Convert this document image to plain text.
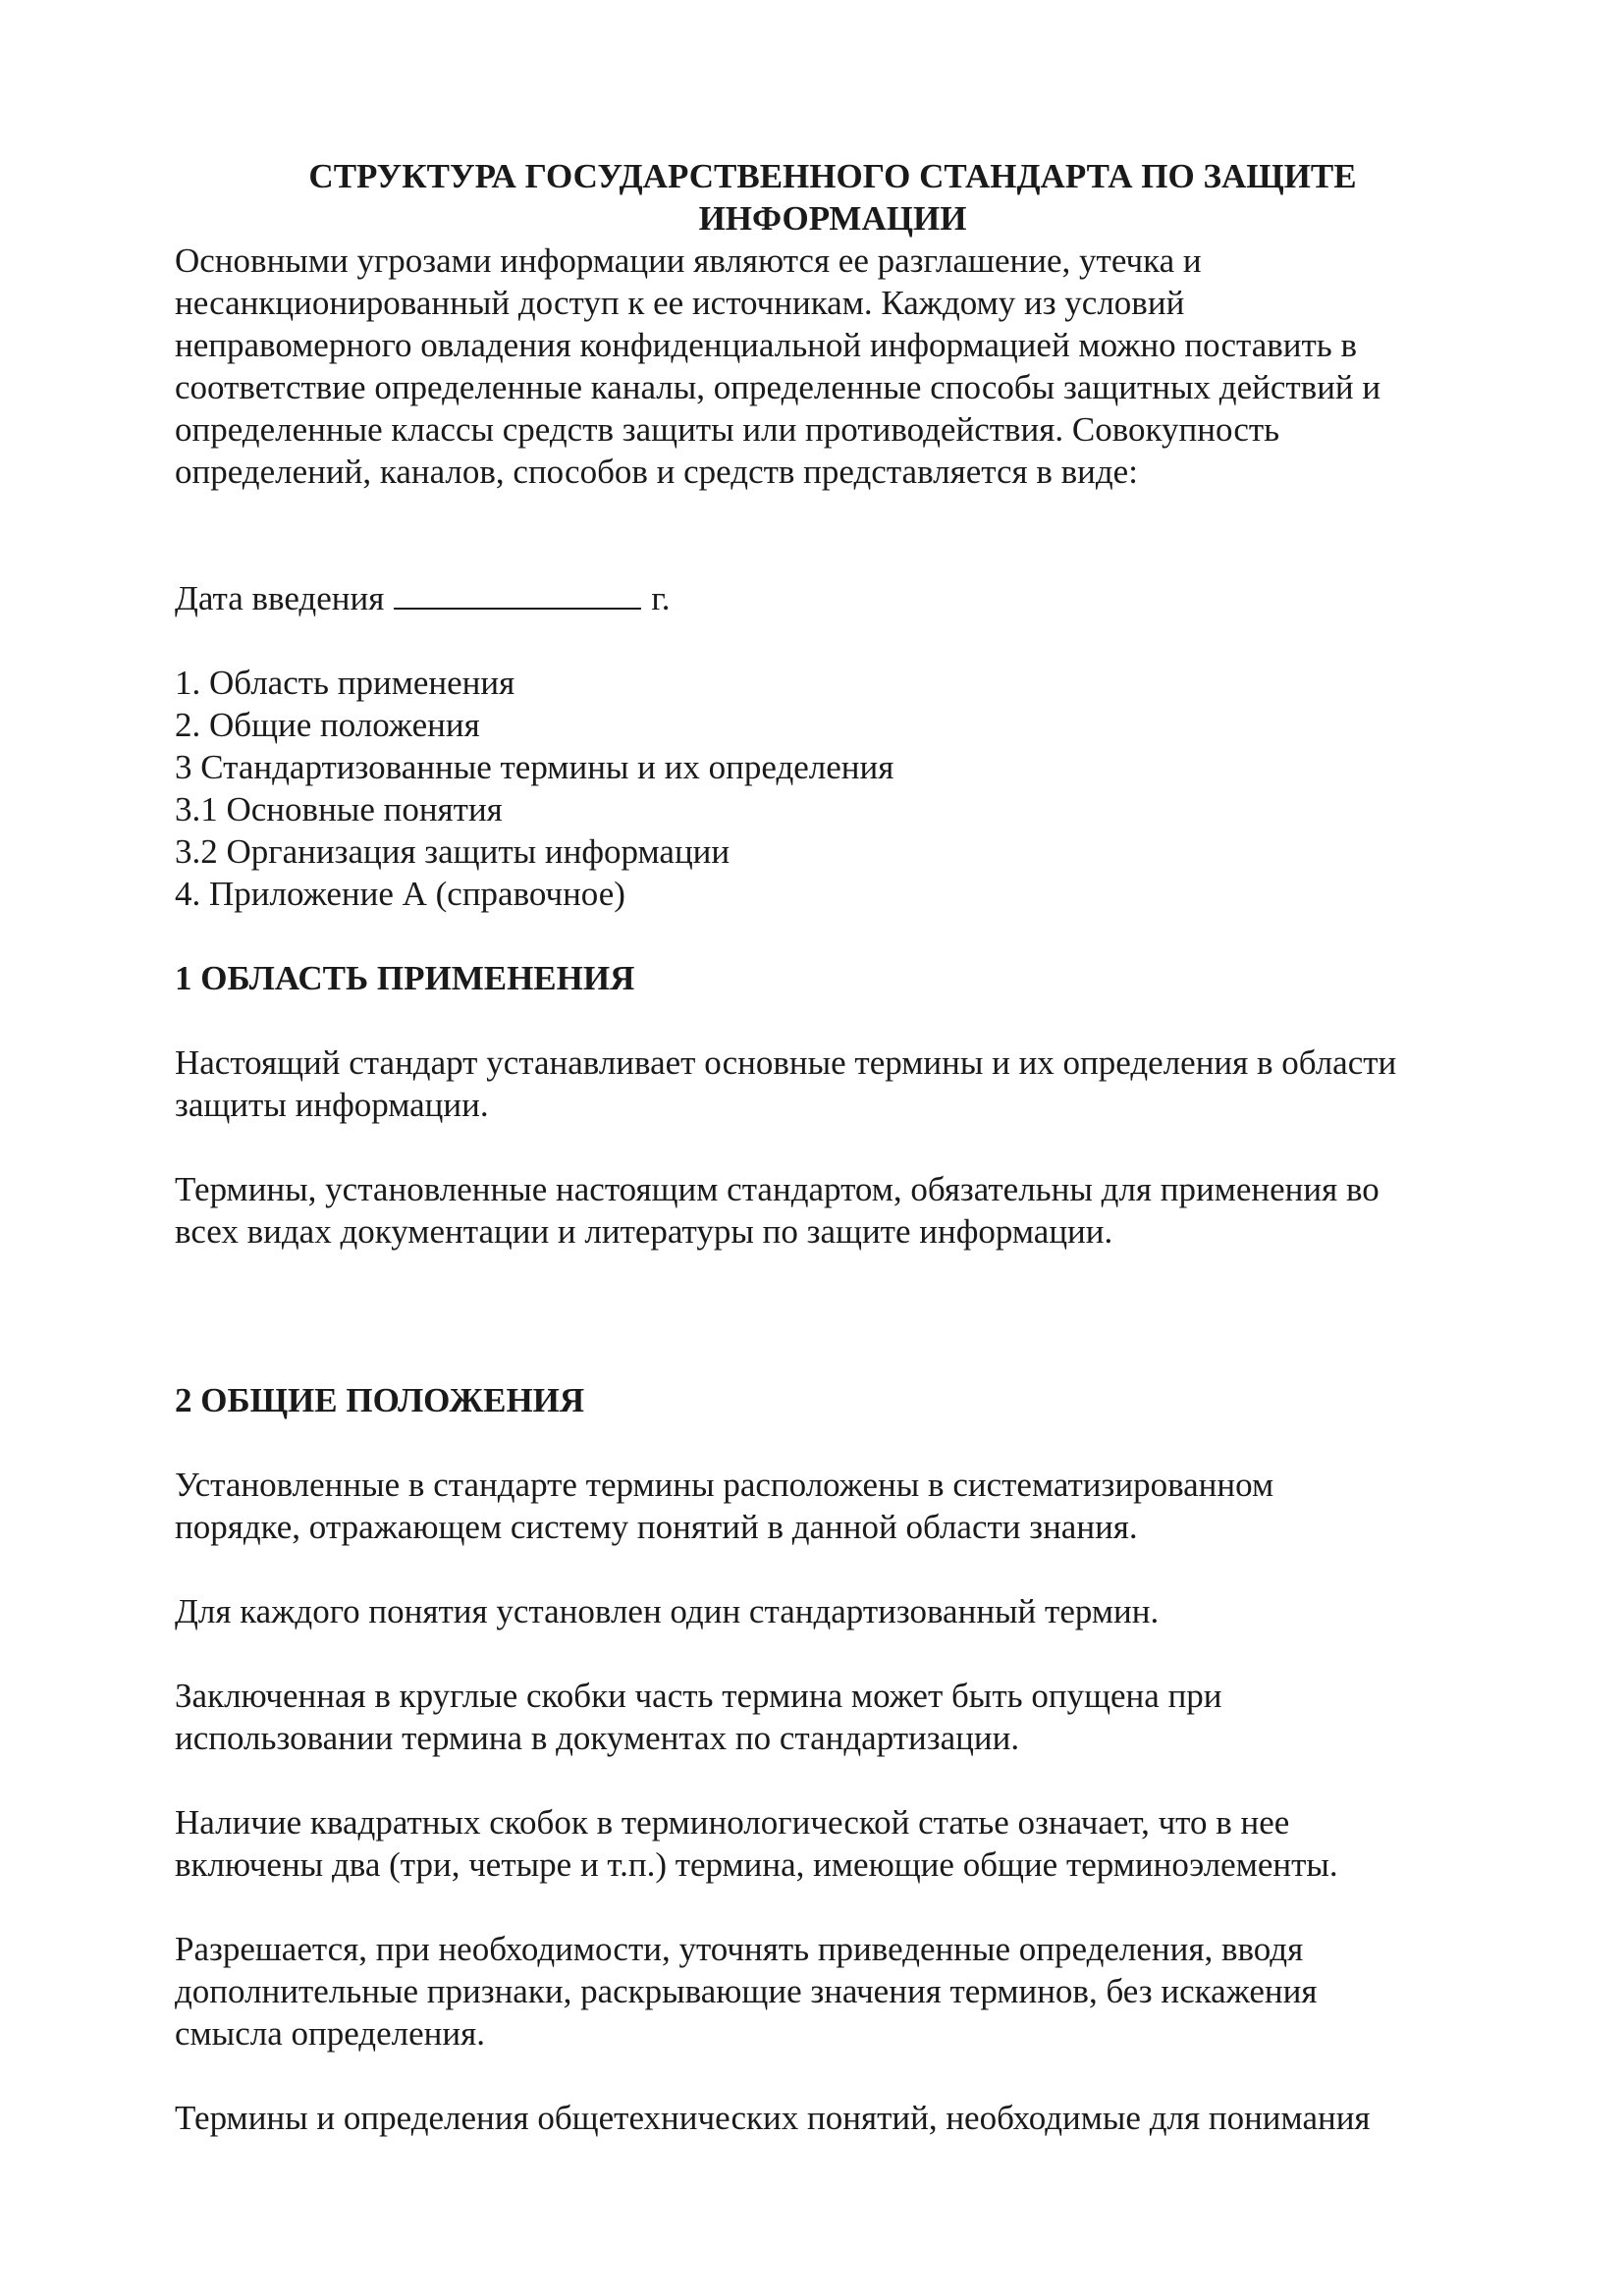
СТРУКТУРА ГОСУДАРСТВЕННОГО СТАНДАРТА ПО ЗАЩИТЕ
ИНФОРМАЦИИ

Основными угрозами информации являются ее разглашение, утечка и
несанкционированный доступ к ее источникам. Каждому из условий
неправомерного овладения конфиденциальной информацией можно поставить в
соответствие определенные каналы, определенные способы защитных действий и
определенные классы средств защиты или противодействия. Совокупность
определений, каналов, способов и средств представляется в виде:

Дата введения	г.
1. Область применения
2. Общие положения
3 Стандартизованные термины и их определения
3.1 Основные понятия
3.2 Организация защиты информации
4. Приложение А (справочное)
1 ОБЛАСТЬ ПРИМЕНЕНИЯ

Настоящий стандарт устанавливает основные термины и их определения в области
защиты информации.

Термины, установленные настоящим стандартом, обязательны для применения во
всех видах документации и литературы по защите информации.

2 ОБЩИЕ ПОЛОЖЕНИЯ

Установленные в стандарте термины расположены в систематизированном
порядке, отражающем систему понятий в данной области знания.

Для каждого понятия установлен один стандартизованный термин.

Заключенная в круглые скобки часть термина может быть опущена при
использовании термина в документах по стандартизации.

Наличие квадратных скобок в терминологической статье означает, что в нее
включены два (три, четыре и т.п.) термина, имеющие общие терминоэлементы.

Разрешается, при необходимости, уточнять приведенные определения, вводя
дополнительные признаки, раскрывающие значения терминов, без искажения
смысла определения.

Термины и определения общетехнических понятий, необходимые для понимания
